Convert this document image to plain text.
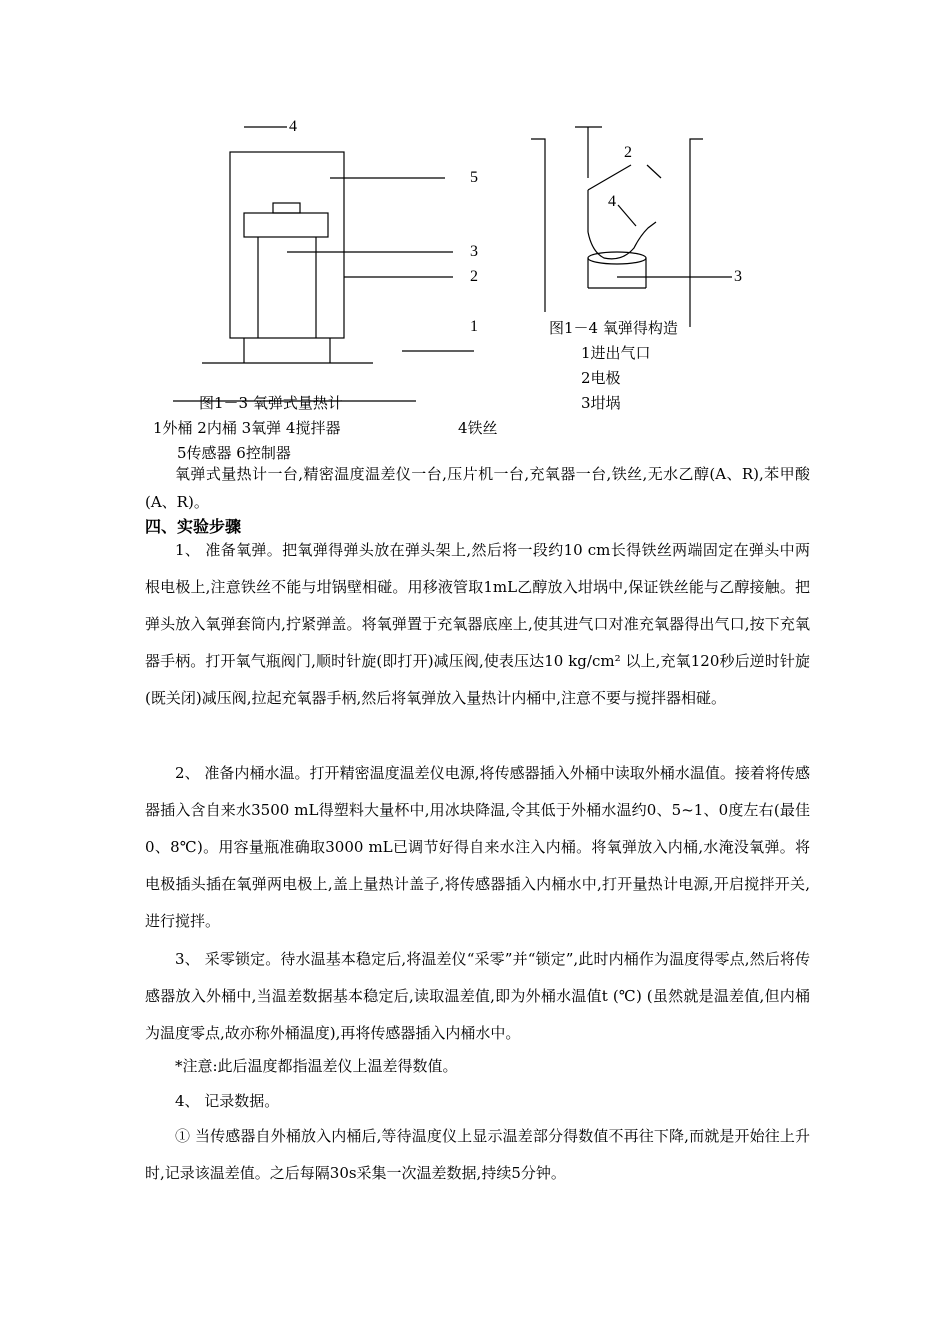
4
5
3
2
1
图1－3 氧弹式量热计
1外桶 2内桶 3氧弹 4搅拌器	4铁丝
5传感器 6控制器
2
4
3
图1－4 氧弹得构造
1进出气口
2电极
3坩埚

氧弹式量热计一台,精密温度温差仪一台,压片机一台,充氧器一台,铁丝,无水乙醇(A、R),苯甲酸(A、R)。

四、实验步骤

1、 准备氧弹。把氧弹得弹头放在弹头架上,然后将一段约10 cm长得铁丝两端固定在弹头中两根电极上,注意铁丝不能与坩锅壁相碰。用移液管取1mL乙醇放入坩埚中,保证铁丝能与乙醇接触。把弹头放入氧弹套筒内,拧紧弹盖。将氧弹置于充氧器底座上,使其进气口对准充氧器得出气口,按下充氧器手柄。打开氧气瓶阀门,顺时针旋(即打开)减压阀,使表压达10 kg/cm² 以上,充氧120秒后逆时针旋(既关闭)减压阀,拉起充氧器手柄,然后将氧弹放入量热计内桶中,注意不要与搅拌器相碰。

2、 准备内桶水温。打开精密温度温差仪电源,将传感器插入外桶中读取外桶水温值。接着将传感器插入含自来水3500 mL得塑料大量杯中,用冰块降温,令其低于外桶水温约0、5~1、0度左右(最佳0、8℃)。用容量瓶准确取3000 mL已调节好得自来水注入内桶。将氧弹放入内桶,水淹没氧弹。将电极插头插在氧弹两电极上,盖上量热计盖子,将传感器插入内桶水中,打开量热计电源,开启搅拌开关,进行搅拌。

3、 采零锁定。待水温基本稳定后,将温差仪“采零”并“锁定”,此时内桶作为温度得零点,然后将传感器放入外桶中,当温差数据基本稳定后,读取温差值,即为外桶水温值t (℃) (虽然就是温差值,但内桶为温度零点,故亦称外桶温度),再将传感器插入内桶水中。

*注意:此后温度都指温差仪上温差得数值。

4、 记录数据。

① 当传感器自外桶放入内桶后,等待温度仪上显示温差部分得数值不再往下降,而就是开始往上升时,记录该温差值。之后每隔30s采集一次温差数据,持续5分钟。
